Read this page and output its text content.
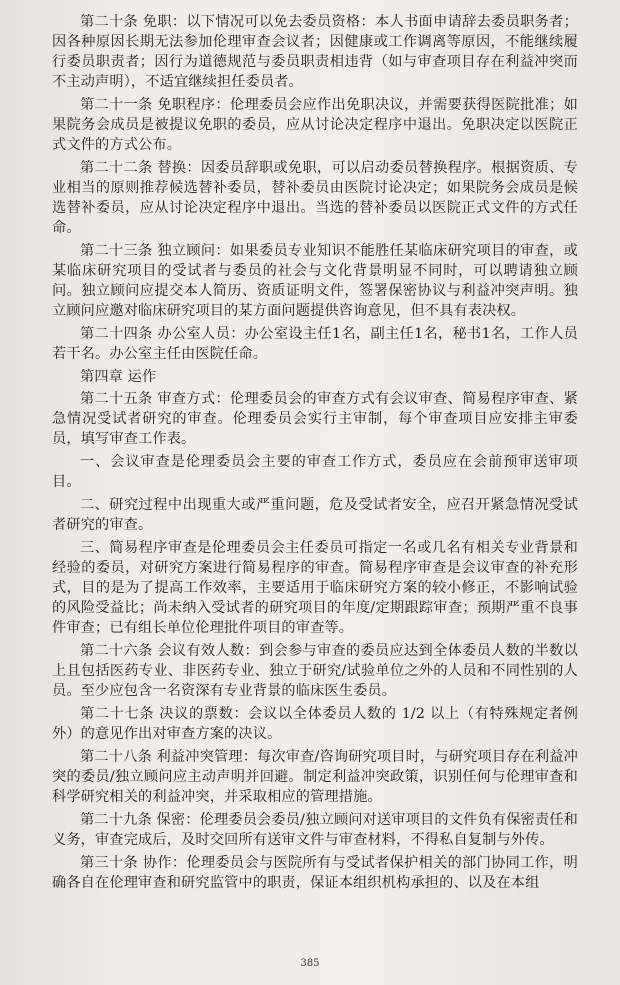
第二十条 免职：以下情况可以免去委员资格：本人书面申请辞去委员职务者；因各种原因长期无法参加伦理审查会议者；因健康或工作调离等原因，不能继续履行委员职责者；因行为道德规范与委员职责相违背（如与审查项目存在利益冲突而不主动声明），不适宜继续担任委员者。

第二十一条 免职程序：伦理委员会应作出免职决议，并需要获得医院批准；如果院务会成员是被提议免职的委员，应从讨论决定程序中退出。免职决定以医院正式文件的方式公布。

第二十二条 替换：因委员辞职或免职，可以启动委员替换程序。根据资质、专业相当的原则推荐候选替补委员，替补委员由医院讨论决定；如果院务会成员是候选替补委员，应从讨论决定程序中退出。当选的替补委员以医院正式文件的方式任命。

第二十三条 独立顾问：如果委员专业知识不能胜任某临床研究项目的审查，或某临床研究项目的受试者与委员的社会与文化背景明显不同时，可以聘请独立顾问。独立顾问应提交本人简历、资质证明文件，签署保密协议与利益冲突声明。独立顾问应邀对临床研究项目的某方面问题提供咨询意见，但不具有表决权。

第二十四条 办公室人员：办公室设主任1名，副主任1名，秘书1名，工作人员若干名。办公室主任由医院任命。

第四章 运作

第二十五条 审查方式：伦理委员会的审查方式有会议审查、简易程序审查、紧急情况受试者研究的审查。伦理委员会实行主审制，每个审查项目应安排主审委员，填写审查工作表。

一、会议审查是伦理委员会主要的审查工作方式，委员应在会前预审送审项目。

二、研究过程中出现重大或严重问题，危及受试者安全，应召开紧急情况受试者研究的审查。

三、简易程序审查是伦理委员会主任委员可指定一名或几名有相关专业背景和经验的委员，对研究方案进行简易程序的审查。简易程序审查是会议审查的补充形式，目的是为了提高工作效率，主要适用于临床研究方案的较小修正，不影响试验的风险受益比；尚未纳入受试者的研究项目的年度/定期跟踪审查；预期严重不良事件审查；已有组长单位伦理批件项目的审查等。

第二十六条 会议有效人数：到会参与审查的委员应达到全体委员人数的半数以上且包括医药专业、非医药专业、独立于研究/试验单位之外的人员和不同性别的人员。至少应包含一名资深有专业背景的临床医生委员。

第二十七条 决议的票数：会议以全体委员人数的 1/2 以上（有特殊规定者例外）的意见作出对审查方案的决议。

第二十八条 利益冲突管理：每次审查/咨询研究项目时，与研究项目存在利益冲突的委员/独立顾问应主动声明并回避。制定利益冲突政策，识别任何与伦理审查和科学研究相关的利益冲突，并采取相应的管理措施。

第二十九条 保密：伦理委员会委员/独立顾问对送审项目的文件负有保密责任和义务，审查完成后，及时交回所有送审文件与审查材料，不得私自复制与外传。

第三十条 协作：伦理委员会与医院所有与受试者保护相关的部门协同工作，明确各自在伦理审查和研究监管中的职责，保证本组织机构承担的、以及在本组

385
